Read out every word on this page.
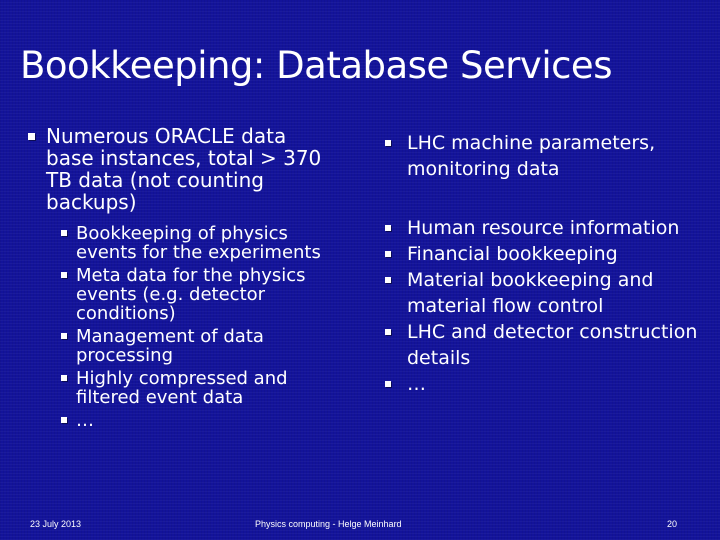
Bookkeeping: Database Services
Numerous ORACLE data base instances, total > 370 TB data (not counting backups)
Bookkeeping of physics events for the experiments
Meta data for the physics events (e.g. detector conditions)
Management of data processing
Highly compressed and filtered event data
…
LHC machine parameters, monitoring data
Human resource information
Financial bookkeeping
Material bookkeeping and material flow control
LHC and detector construction details
…
23 July 2013	Physics computing - Helge Meinhard	20
